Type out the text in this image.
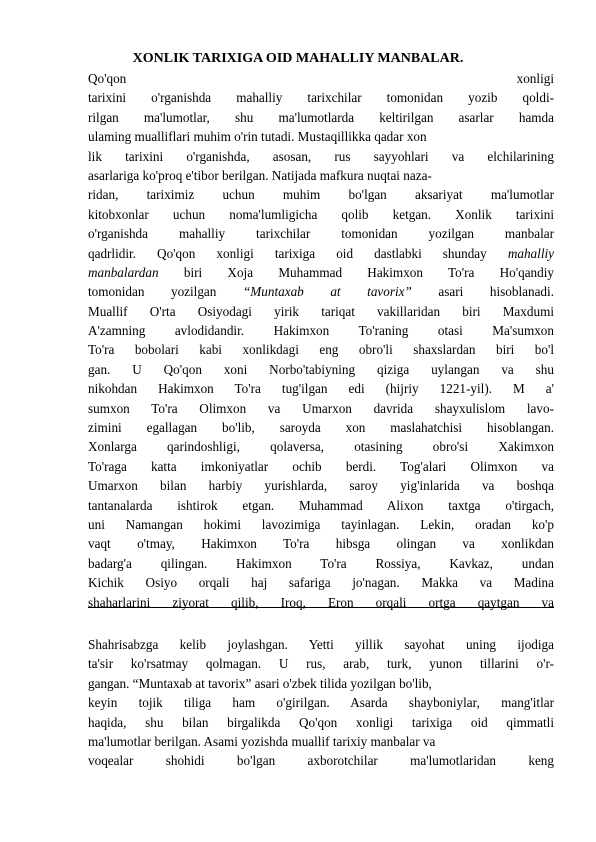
XONLIK TARIXIGA OID MAHALLIY MANBALAR.
Qo'qon xonligi
tarixini o'rganishda mahalliy tarixchilar tomonidan yozib qoldi-
rilgan ma'lumotlar, shu ma'lumotlarda keltirilgan asarlar hamda
ulaming mualliflari muhim o'rin tutadi. Mustaqillikka qadar xon
lik tarixini o'rganishda, asosan, rus sayyohlari va elchilarining
asarlariga ko'proq e'tibor berilgan. Natijada mafkura nuqtai naza-
ridan, tariximiz uchun muhim bo'lgan aksariyat ma'lumotlar
kitobxonlar uchun noma'lumligicha qolib ketgan. Xonlik tarixini
o'rganishda mahalliy tarixchilar tomonidan yozilgan manbalar
qadrlidir. Qo'qon xonligi tarixiga oid dastlabki shunday mahalliy
manbalardan biri Xoja Muhammad Hakimxon To'ra Ho'qandiy
tomonidan yozilgan “Muntaxab at tavorix” asari hisoblanadi.
Muallif O'rta Osiyodagi yirik tariqat vakillaridan biri Maxdumi
A'zamning avlodidandir. Hakimxon To'raning otasi Ma'sumxon
To'ra bobolari kabi xonlikdagi eng obro'li shaxslardan biri bo'l
gan. U Qo'qon xoni Norbo'tabiyning qiziga uylangan va shu
nikohdan Hakimxon To'ra tug'ilgan edi (hijriy 1221-yil). M a'
sumxon To'ra Olimxon va Umarxon davrida shayxulislom lavo-
zimini egallagan bo'lib, saroyda xon maslahatchisi hisoblangan.
Xonlarga qarindoshligi, qolaversa, otasining obro'si Xakimxon
To'raga katta imkoniyatlar ochib berdi. Tog'alari Olimxon va
Umarxon bilan harbiy yurishlarda, saroy yig'inlarida va boshqa
tantanalarda ishtirok etgan. Muhammad Alixon taxtga o'tirgach,
uni Namangan hokimi lavozimiga tayinlagan. Lekin, oradan ko'p
vaqt o'tmay, Hakimxon To'ra hibsga olingan va xonlikdan
badarg'a qilingan. Hakimxon To'ra Rossiya, Kavkaz, undan
Kichik Osiyo orqali haj safariga jo'nagan. Makka va Madina
shaharlarini ziyorat qilib, Iroq, Eron orqali ortga qaytgan va
Shahrisabzga kelib joylashgan. Yetti yillik sayohat uning ijodiga
ta'sir ko'rsatmay qolmagan. U rus, arab, turk, yunon tillarini o'r-
gangan. “Muntaxab at tavorix” asari o'zbek tilida yozilgan bo'lib,
keyin tojik tiliga ham o'girilgan. Asarda shayboniylar, mang'itlar
haqida, shu bilan birgalikda Qo'qon xonligi tarixiga oid qimmatli
ma'lumotlar berilgan. Asami yozishda muallif tarixiy manbalar va
voqealar shohidi bo'lgan axborotchilar ma'lumotlaridan keng
